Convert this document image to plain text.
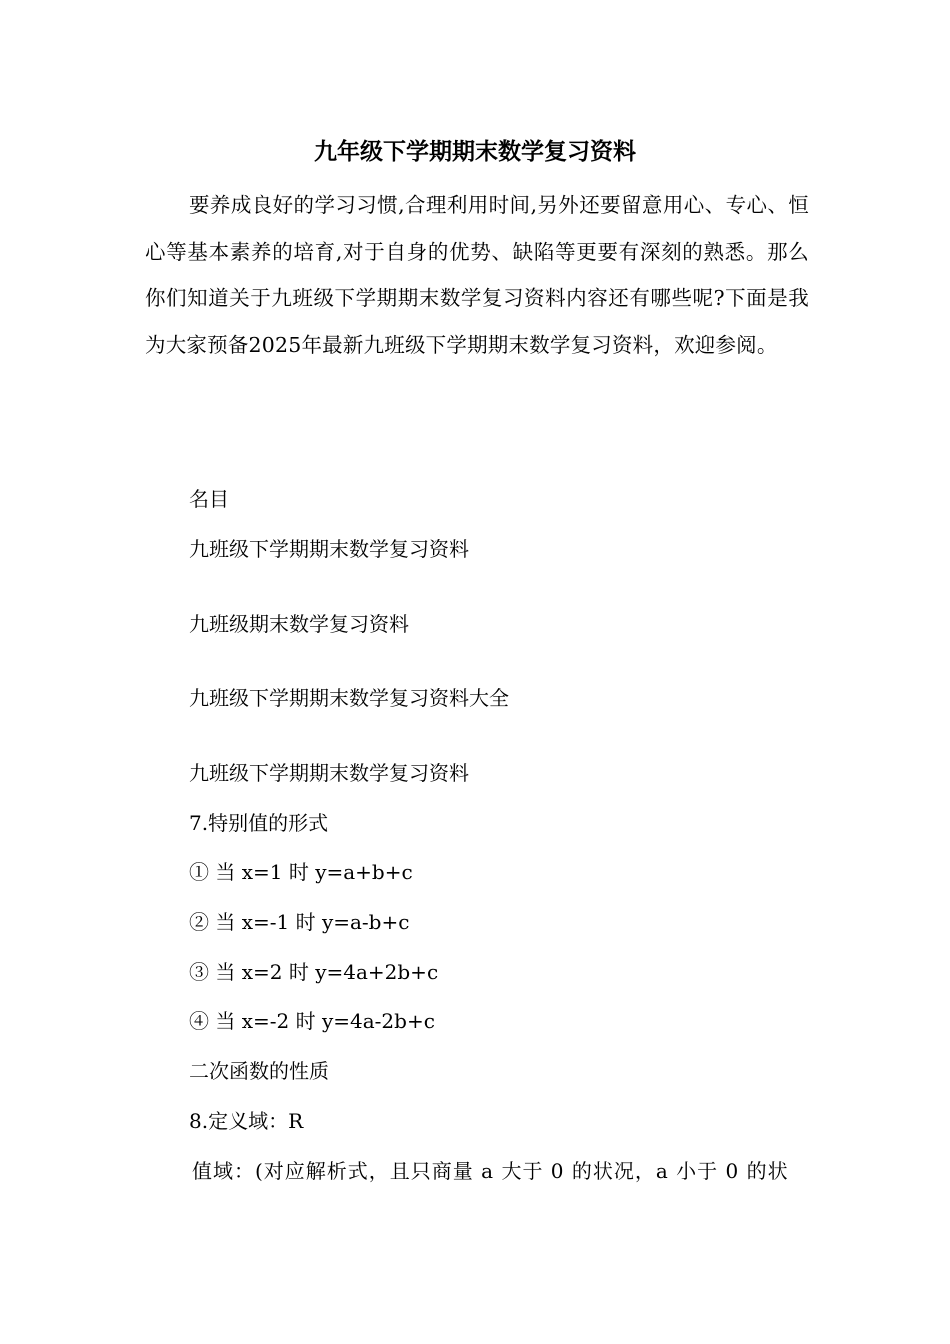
九年级下学期期末数学复习资料

要养成良好的学习习惯,合理利用时间,另外还要留意用心、专心、恒心等基本素养的培育,对于自身的优势、缺陷等更要有深刻的熟悉。那么你们知道关于九班级下学期期末数学复习资料内容还有哪些呢?下面是我为大家预备2025年最新九班级下学期期末数学复习资料，欢迎参阅。

名目

九班级下学期期末数学复习资料

九班级期末数学复习资料

九班级下学期期末数学复习资料大全

九班级下学期期末数学复习资料

7.特别值的形式

① 当 x=1 时 y=a+b+c

② 当 x=-1 时 y=a-b+c

③ 当 x=2 时 y=4a+2b+c

④ 当 x=-2 时 y=4a-2b+c

二次函数的性质

8.定义域：R

值域：(对应解析式，且只商量 a 大于 0 的状况，a 小于 0 的状
